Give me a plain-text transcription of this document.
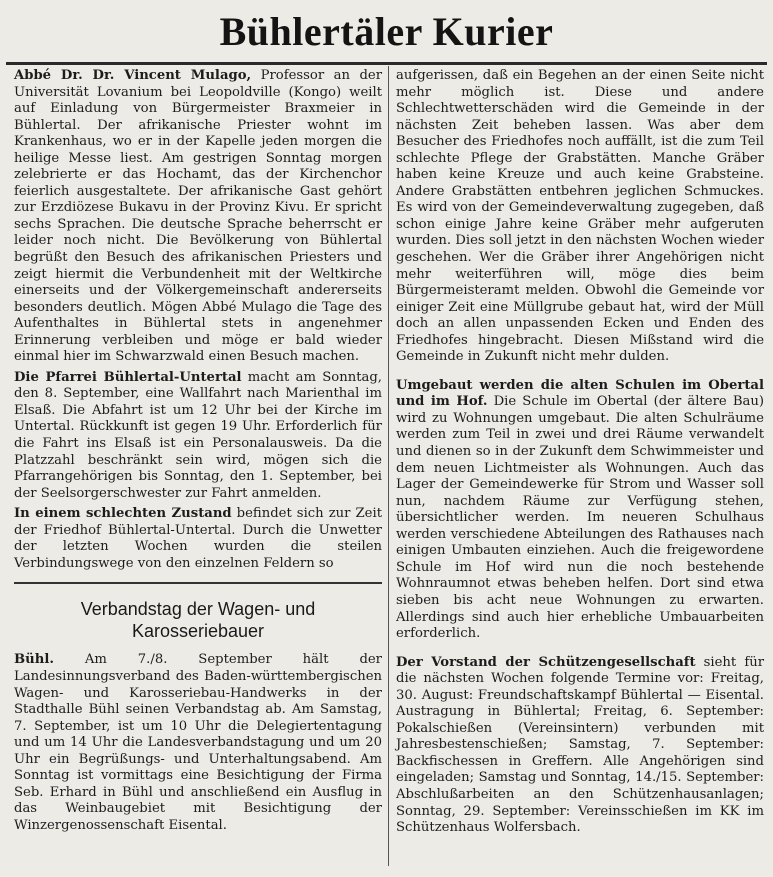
Bühlertäler Kurier

Abbé Dr. Dr. Vincent Mulago, Professor an der Universität Lovanium bei Leopoldville (Kongo) weilt auf Einladung von Bürgermeister Braxmeier in Bühlertal. Der afrikanische Priester wohnt im Krankenhaus, wo er in der Kapelle jeden morgen die heilige Messe liest. Am gestrigen Sonntag morgen zelebrierte er das Hochamt, das der Kirchenchor feierlich ausgestaltete. Der afrikanische Gast gehört zur Erzdiözese Bukavu in der Provinz Kivu. Er spricht sechs Sprachen. Die deutsche Sprache beherrscht er leider noch nicht. Die Bevölkerung von Bühlertal begrüßt den Besuch des afrikanischen Priesters und zeigt hiermit die Verbundenheit mit der Weltkirche einerseits und der Völkergemeinschaft andererseits besonders deutlich. Mögen Abbé Mulago die Tage des Aufenthaltes in Bühlertal stets in angenehmer Erinnerung verbleiben und möge er bald wieder einmal hier im Schwarzwald einen Besuch machen.

Die Pfarrei Bühlertal-Untertal macht am Sonntag, den 8. September, eine Wallfahrt nach Marienthal im Elsaß. Die Abfahrt ist um 12 Uhr bei der Kirche im Untertal. Rückkunft ist gegen 19 Uhr. Erforderlich für die Fahrt ins Elsaß ist ein Personalausweis. Da die Platzzahl beschränkt sein wird, mögen sich die Pfarrangehörigen bis Sonntag, den 1. September, bei der Seelsorgerschwester zur Fahrt anmelden.

In einem schlechten Zustand befindet sich zur Zeit der Friedhof Bühlertal-Untertal. Durch die Unwetter der letzten Wochen wurden die steilen Verbindungswege von den einzelnen Feldern so

Verbandstag der Wagen- und Karosseriebauer

Bühl. Am 7./8. September hält der Landesinnungsverband des Baden-württembergischen Wagen- und Karosseriebau-Handwerks in der Stadthalle Bühl seinen Verbandstag ab. Am Samstag, 7. September, ist um 10 Uhr die Delegiertentagung und um 14 Uhr die Landesverbandstagung und um 20 Uhr ein Begrüßungs- und Unterhaltungsabend. Am Sonntag ist vormittags eine Besichtigung der Firma Seb. Erhard in Bühl und anschließend ein Ausflug in das Weinbaugebiet mit Besichtigung der Winzergenossenschaft Eisental.

aufgerissen, daß ein Begehen an der einen Seite nicht mehr möglich ist. Diese und andere Schlechtwetterschäden wird die Gemeinde in der nächsten Zeit beheben lassen. Was aber dem Besucher des Friedhofes noch auffällt, ist die zum Teil schlechte Pflege der Grabstätten. Manche Gräber haben keine Kreuze und auch keine Grabsteine. Andere Grabstätten entbehren jeglichen Schmuckes. Es wird von der Gemeindeverwaltung zugegeben, daß schon einige Jahre keine Gräber mehr aufgeruten wurden. Dies soll jetzt in den nächsten Wochen wieder geschehen. Wer die Gräber ihrer Angehörigen nicht mehr weiterführen will, möge dies beim Bürgermeisteramt melden. Obwohl die Gemeinde vor einiger Zeit eine Müllgrube gebaut hat, wird der Müll doch an allen unpassenden Ecken und Enden des Friedhofes hingebracht. Diesen Mißstand wird die Gemeinde in Zukunft nicht mehr dulden.

Umgebaut werden die alten Schulen im Obertal und im Hof. Die Schule im Obertal (der ältere Bau) wird zu Wohnungen umgebaut. Die alten Schulräume werden zum Teil in zwei und drei Räume verwandelt und dienen so in der Zukunft dem Schwimmeister und dem neuen Lichtmeister als Wohnungen. Auch das Lager der Gemeindewerke für Strom und Wasser soll nun, nachdem Räume zur Verfügung stehen, übersichtlicher werden. Im neueren Schulhaus werden verschiedene Abteilungen des Rathauses nach einigen Umbauten einziehen. Auch die freigewordene Schule im Hof wird nun die noch bestehende Wohnraumnot etwas beheben helfen. Dort sind etwa sieben bis acht neue Wohnungen zu erwarten. Allerdings sind auch hier erhebliche Umbauarbeiten erforderlich.

Der Vorstand der Schützengesellschaft sieht für die nächsten Wochen folgende Termine vor: Freitag, 30. August: Freundschaftskampf Bühlertal — Eisental. Austragung in Bühlertal; Freitag, 6. September: Pokalschießen (Vereinsintern) verbunden mit Jahresbestenschießen; Samstag, 7. September: Backfischessen in Greffern. Alle Angehörigen sind eingeladen; Samstag und Sonntag, 14./15. September: Abschlußarbeiten an den Schützenhausanlagen; Sonntag, 29. September: Vereinsschießen im KK im Schützenhaus Wolfersbach.
